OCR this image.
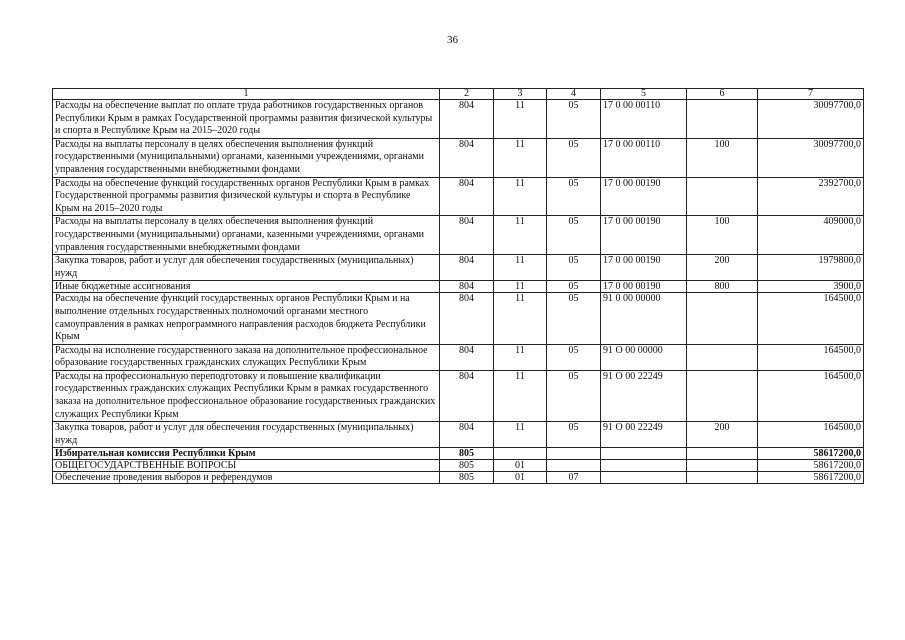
36
1	2	3	4	5	6	7
Расходы на обеспечение выплат по оплате труда работников государственных органов Республики Крым в рамках Государственной программы развития физической культуры и спорта в Республике Крым на 2015–2020 годы	804	11	05	17 0 00 00110		30097700,0
Расходы на выплаты персоналу в целях обеспечения выполнения функций государственными (муниципальными) органами, казенными учреждениями, органами управления государственными внебюджетными фондами	804	11	05	17 0 00 00110	100	30097700,0
Расходы на обеспечение функций государственных органов Республики Крым в рамках Государственной программы развития физической культуры и спорта в Республике Крым на 2015–2020 годы	804	11	05	17 0 00 00190		2392700,0
Расходы на выплаты персоналу в целях обеспечения выполнения функций государственными (муниципальными) органами, казенными учреждениями, органами управления государственными внебюджетными фондами	804	11	05	17 0 00 00190	100	409000,0
Закупка товаров, работ и услуг для обеспечения государственных (муниципальных) нужд	804	11	05	17 0 00 00190	200	1979800,0
Иные бюджетные ассигнования	804	11	05	17 0 00 00190	800	3900,0
Расходы на обеспечение функций государственных органов Республики Крым и на выполнение отдельных государственных полномочий органами местного самоуправления в рамках непрограммного направления расходов бюджета Республики Крым	804	11	05	91 0 00 00000		164500,0
Расходы на исполнение государственного заказа на дополнительное профессиональное образование государственных гражданских служащих Республики Крым	804	11	05	91 О 00 00000		164500,0
Расходы на профессиональную переподготовку и повышение квалификации государственных гражданских служащих Республики Крым в рамках государственного заказа на дополнительное профессиональное образование государственных гражданских служащих Республики Крым	804	11	05	91 О 00 22249		164500,0
Закупка товаров, работ и услуг для обеспечения государственных (муниципальных) нужд	804	11	05	91 О 00 22249	200	164500,0
Избирательная комиссия Республики Крым	805					58617200,0
ОБЩЕГОСУДАРСТВЕННЫЕ ВОПРОСЫ	805	01				58617200,0
Обеспечение проведения выборов и референдумов	805	01	07			58617200,0
